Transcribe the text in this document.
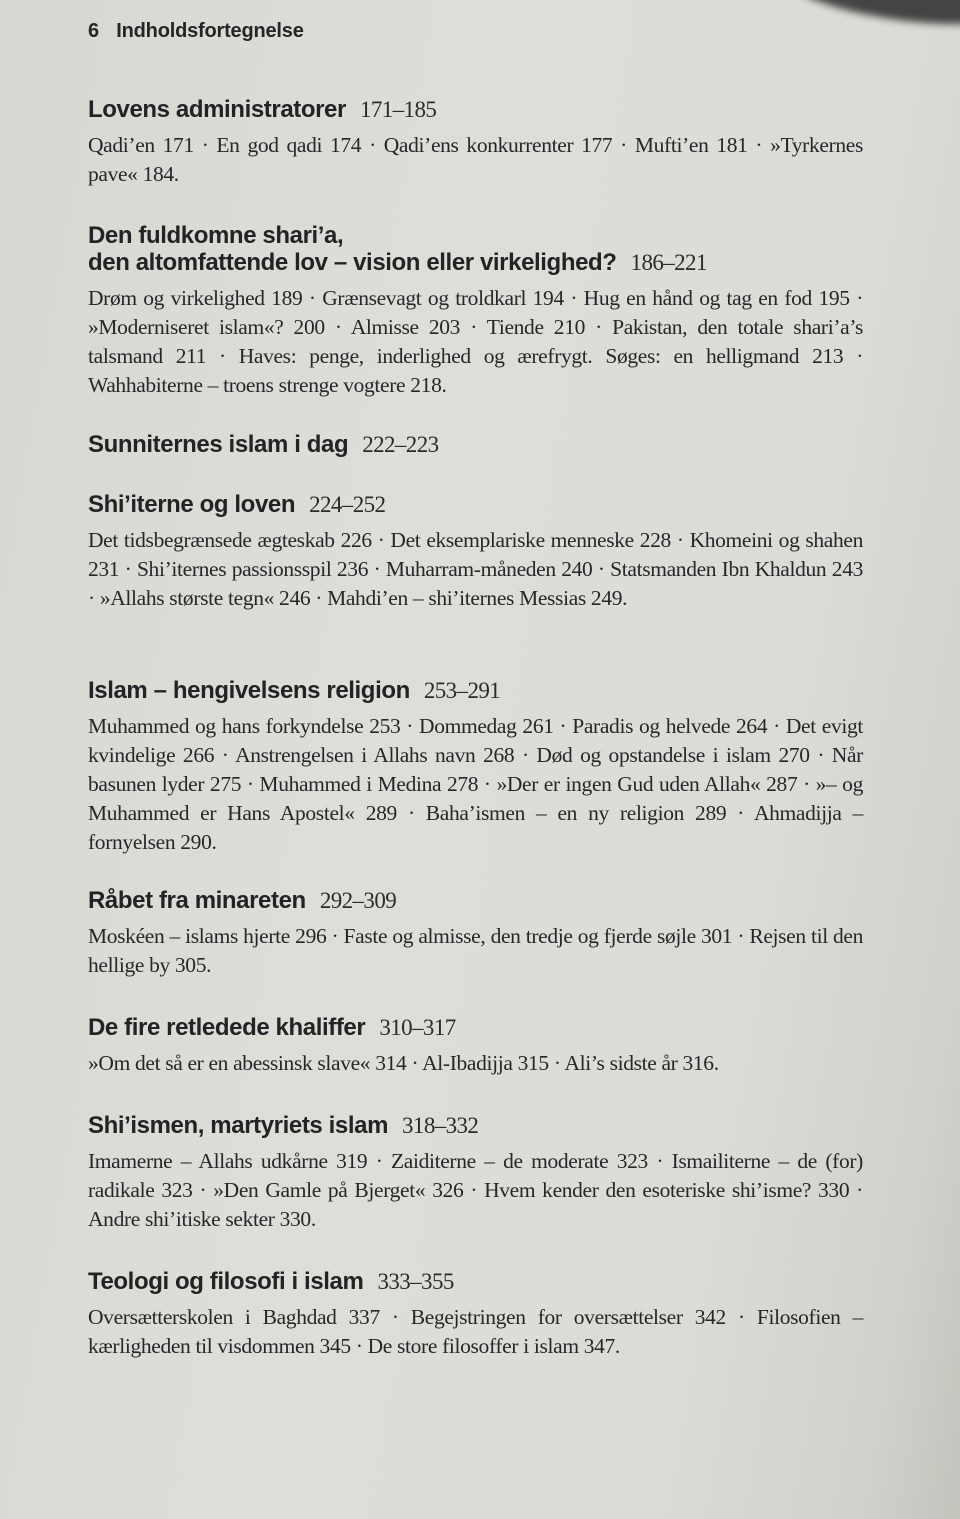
6 Indholdsfortegnelse
Lovens administratorer 171–185
Qadi’en 171 · En god qadi 174 · Qadi’ens konkurrenter 177 · Mufti’en 181 · »Tyrkernes pave« 184.
Den fuldkomne shari’a,
den altomfattende lov – vision eller virkelighed? 186–221
Drøm og virkelighed 189 · Grænsevagt og troldkarl 194 · Hug en hånd og tag en fod 195 · »Moderniseret islam«? 200 · Almisse 203 · Tiende 210 · Pakistan, den totale shari’a’s talsmand 211 · Haves: penge, inderlighed og ærefrygt. Søges: en helligmand 213 · Wahhabiterne – troens strenge vogtere 218.
Sunniternes islam i dag 222–223
Shi’iterne og loven 224–252
Det tidsbegrænsede ægteskab 226 · Det eksemplariske menneske 228 · Khomeini og shahen 231 · Shi’iternes passionsspil 236 · Muharram-måneden 240 · Statsmanden Ibn Khaldun 243 · »Allahs største tegn« 246 · Mahdi’en – shi’iternes Messias 249.
Islam – hengivelsens religion 253–291
Muhammed og hans forkyndelse 253 · Dommedag 261 · Paradis og helvede 264 · Det evigt kvindelige 266 · Anstrengelsen i Allahs navn 268 · Død og opstandelse i islam 270 · Når basunen lyder 275 · Muhammed i Medina 278 · »Der er ingen Gud uden Allah« 287 · »– og Muhammed er Hans Apostel« 289 · Baha’ismen – en ny religion 289 · Ahmadijja – fornyelsen 290.
Råbet fra minareten 292–309
Moskéen – islams hjerte 296 · Faste og almisse, den tredje og fjerde søjle 301 · Rejsen til den hellige by 305.
De fire retledede khaliffer 310–317
»Om det så er en abessinsk slave« 314 · Al-Ibadijja 315 · Ali’s sidste år 316.
Shi’ismen, martyriets islam 318–332
Imamerne – Allahs udkårne 319 · Zaiditerne – de moderate 323 · Ismailiterne – de (for) radikale 323 · »Den Gamle på Bjerget« 326 · Hvem kender den esoteriske shi’isme? 330 · Andre shi’itiske sekter 330.
Teologi og filosofi i islam 333–355
Oversætterskolen i Baghdad 337 · Begejstringen for oversættelser 342 · Filosofien – kærligheden til visdommen 345 · De store filosoffer i islam 347.
